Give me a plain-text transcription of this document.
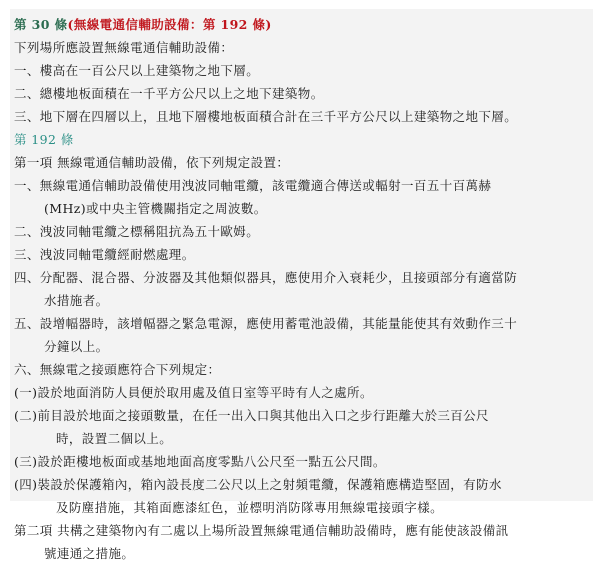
第 30 條(無線電通信輔助設備：第 192 條)
下列場所應設置無線電通信輔助設備：
一、樓高在一百公尺以上建築物之地下層。
二、總樓地板面積在一千平方公尺以上之地下建築物。
三、地下層在四層以上，且地下層樓地板面積合計在三千平方公尺以上建築物之地下層。
第 192 條
第一項 無線電通信輔助設備，依下列規定設置：
一、無線電通信輔助設備使用洩波同軸電纜，該電纜適合傳送或輻射一百五十百萬赫
(MHz)或中央主管機關指定之周波數。
二、洩波同軸電纜之標稱阻抗為五十歐姆。
三、洩波同軸電纜經耐燃處理。
四、分配器、混合器、分波器及其他類似器具，應使用介入衰耗少，且接頭部分有適當防
水措施者。
五、設增幅器時，該增幅器之緊急電源，應使用蓄電池設備，其能量能使其有效動作三十
分鐘以上。
六、無線電之接頭應符合下列規定：
(一)設於地面消防人員便於取用處及值日室等平時有人之處所。
(二)前目設於地面之接頭數量，在任一出入口與其他出入口之步行距離大於三百公尺
時，設置二個以上。
(三)設於距樓地板面或基地地面高度零點八公尺至一點五公尺間。
(四)裝設於保護箱內，箱內設長度二公尺以上之射頻電纜，保護箱應構造堅固，有防水
及防塵措施，其箱面應漆紅色，並標明消防隊專用無線電接頭字樣。
第二項 共構之建築物內有二處以上場所設置無線電通信輔助設備時，應有能使該設備訊
號連通之措施。
